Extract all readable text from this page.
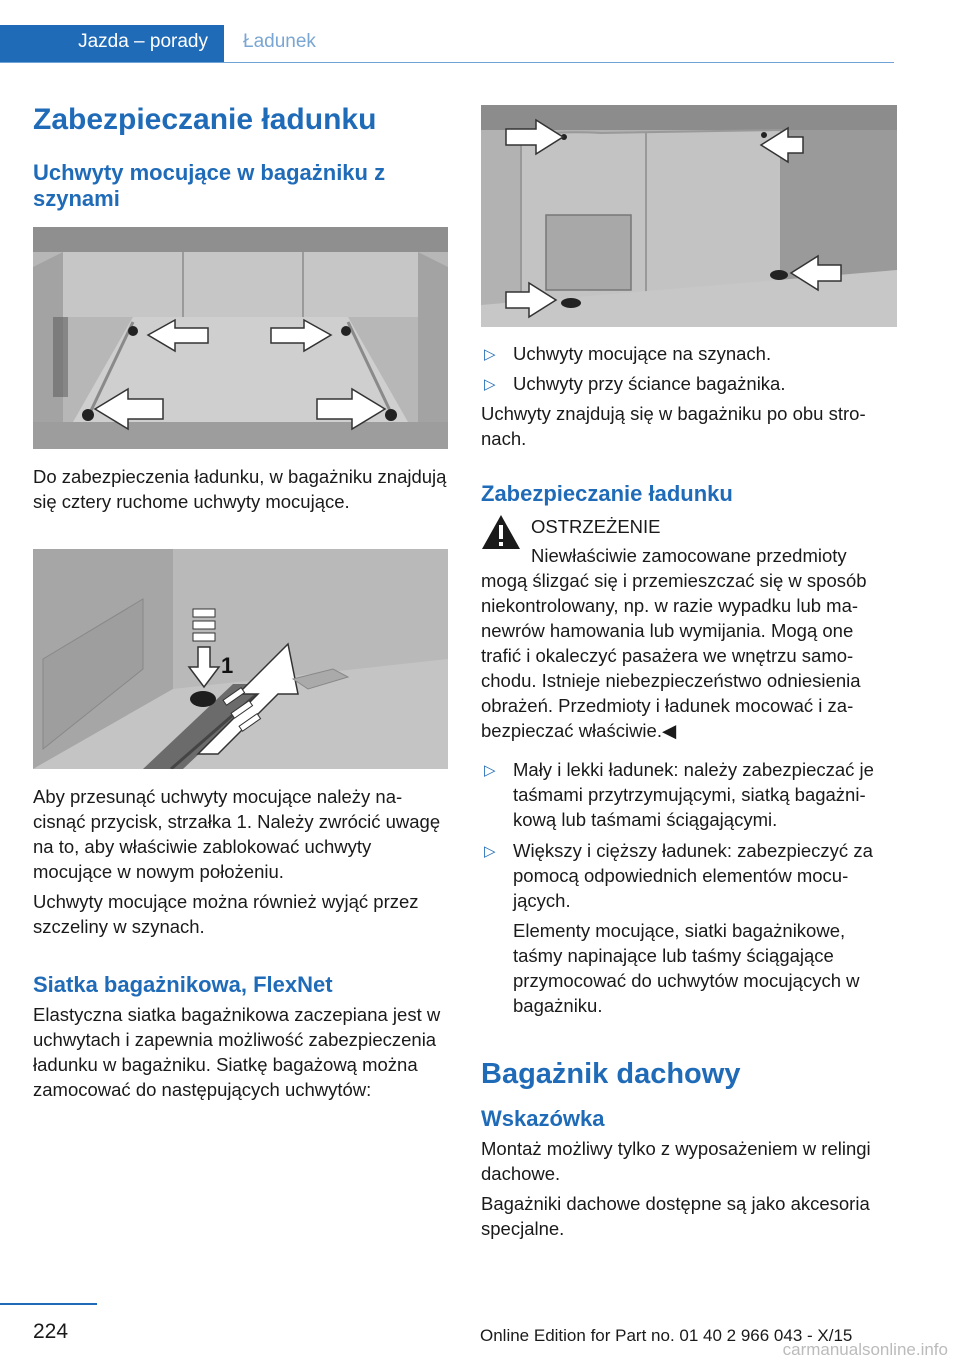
Jazda – porady Ładunek
Zabezpieczanie ładunku
Uchwyty mocujące w bagażniku z szynami

Do zabezpieczenia ładunku, w bagażniku znajdują się cztery ruchome uchwyty mocujące.

1

Aby przesunąć uchwyty mocujące należy nacisnąć przycisk, strzałka 1. Należy zwrócić uwagę na to, aby właściwie zablokować uchwyty mocujące w nowym położeniu.

Uchwyty mocujące można również wyjąć przez szczeliny w szynach.

Siatka bagażnikowa, FlexNet

Elastyczna siatka bagażnikowa zaczepiana jest w uchwytach i zapewnia możliwość zabezpieczenia ładunku w bagażniku. Siatkę bagażową można zamocować do następujących uchwytów:

▷ Uchwyty mocujące na szynach.
▷ Uchwyty przy ściance bagażnika.

Uchwyty znajdują się w bagażniku po obu stronach.

Zabezpieczanie ładunku

OSTRZEŻENIE

Niewłaściwie zamocowane przedmioty mogą ślizgać się i przemieszczać się w sposób niekontrolowany, np. w razie wypadku lub manewrów hamowania lub wymijania. Mogą one trafić i okaleczyć pasażera we wnętrzu samochodu. Istnieje niebezpieczeństwo odniesienia obrażeń. Przedmioty i ładunek mocować i zabezpieczać właściwie.◀

▷ Mały i lekki ładunek: należy zabezpieczać je taśmami przytrzymującymi, siatką bagażnikową lub taśmami ściągającymi.
▷ Większy i cięższy ładunek: zabezpieczyć za pomocą odpowiednich elementów mocujących.
Elementy mocujące, siatki bagażnikowe, taśmy napinające lub taśmy ściągające przymocować do uchwytów mocujących w bagażniku.
Bagażnik dachowy
Wskazówka

Montaż możliwy tylko z wyposażeniem w relingi dachowe.

Bagażniki dachowe dostępne są jako akcesoria specjalne.

224	Online Edition for Part no. 01 40 2 966 043 - X/15
carmanualsonline.info
